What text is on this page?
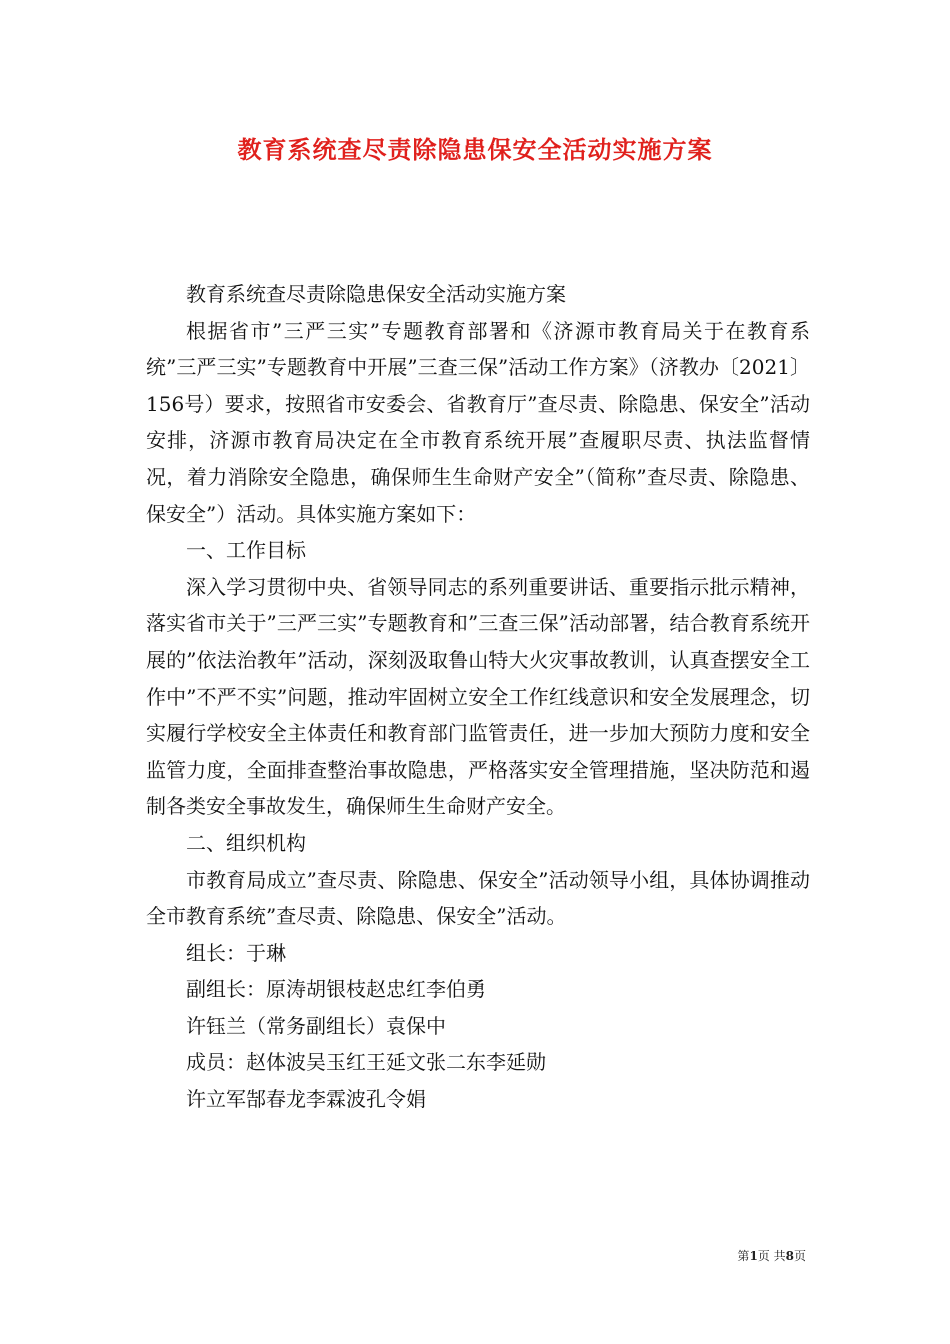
教育系统查尽责除隐患保安全活动实施方案

教育系统查尽责除隐患保安全活动实施方案

根据省市”三严三实”专题教育部署和《济源市教育局关于在教育系统”三严三实”专题教育中开展”三查三保”活动工作方案》（济教办〔2021〕156号）要求，按照省市安委会、省教育厅”查尽责、除隐患、保安全”活动安排，济源市教育局决定在全市教育系统开展”查履职尽责、执法监督情况，着力消除安全隐患，确保师生生命财产安全”（简称”查尽责、除隐患、保安全”）活动。具体实施方案如下：

一、工作目标

深入学习贯彻中央、省领导同志的系列重要讲话、重要指示批示精神，落实省市关于”三严三实”专题教育和”三查三保”活动部署，结合教育系统开展的”依法治教年”活动，深刻汲取鲁山特大火灾事故教训，认真查摆安全工作中”不严不实”问题，推动牢固树立安全工作红线意识和安全发展理念，切实履行学校安全主体责任和教育部门监管责任，进一步加大预防力度和安全监管力度，全面排查整治事故隐患，严格落实安全管理措施，坚决防范和遏制各类安全事故发生，确保师生生命财产安全。

二、组织机构

市教育局成立”查尽责、除隐患、保安全”活动领导小组，具体协调推动全市教育系统”查尽责、除隐患、保安全”活动。

组长：于琳

副组长：原涛胡银枝赵忠红李伯勇

许钰兰（常务副组长）袁保中

成员：赵体波吴玉红王延文张二东李延勋

许立军郜春龙李霖波孔令娟

第1页 共8页
